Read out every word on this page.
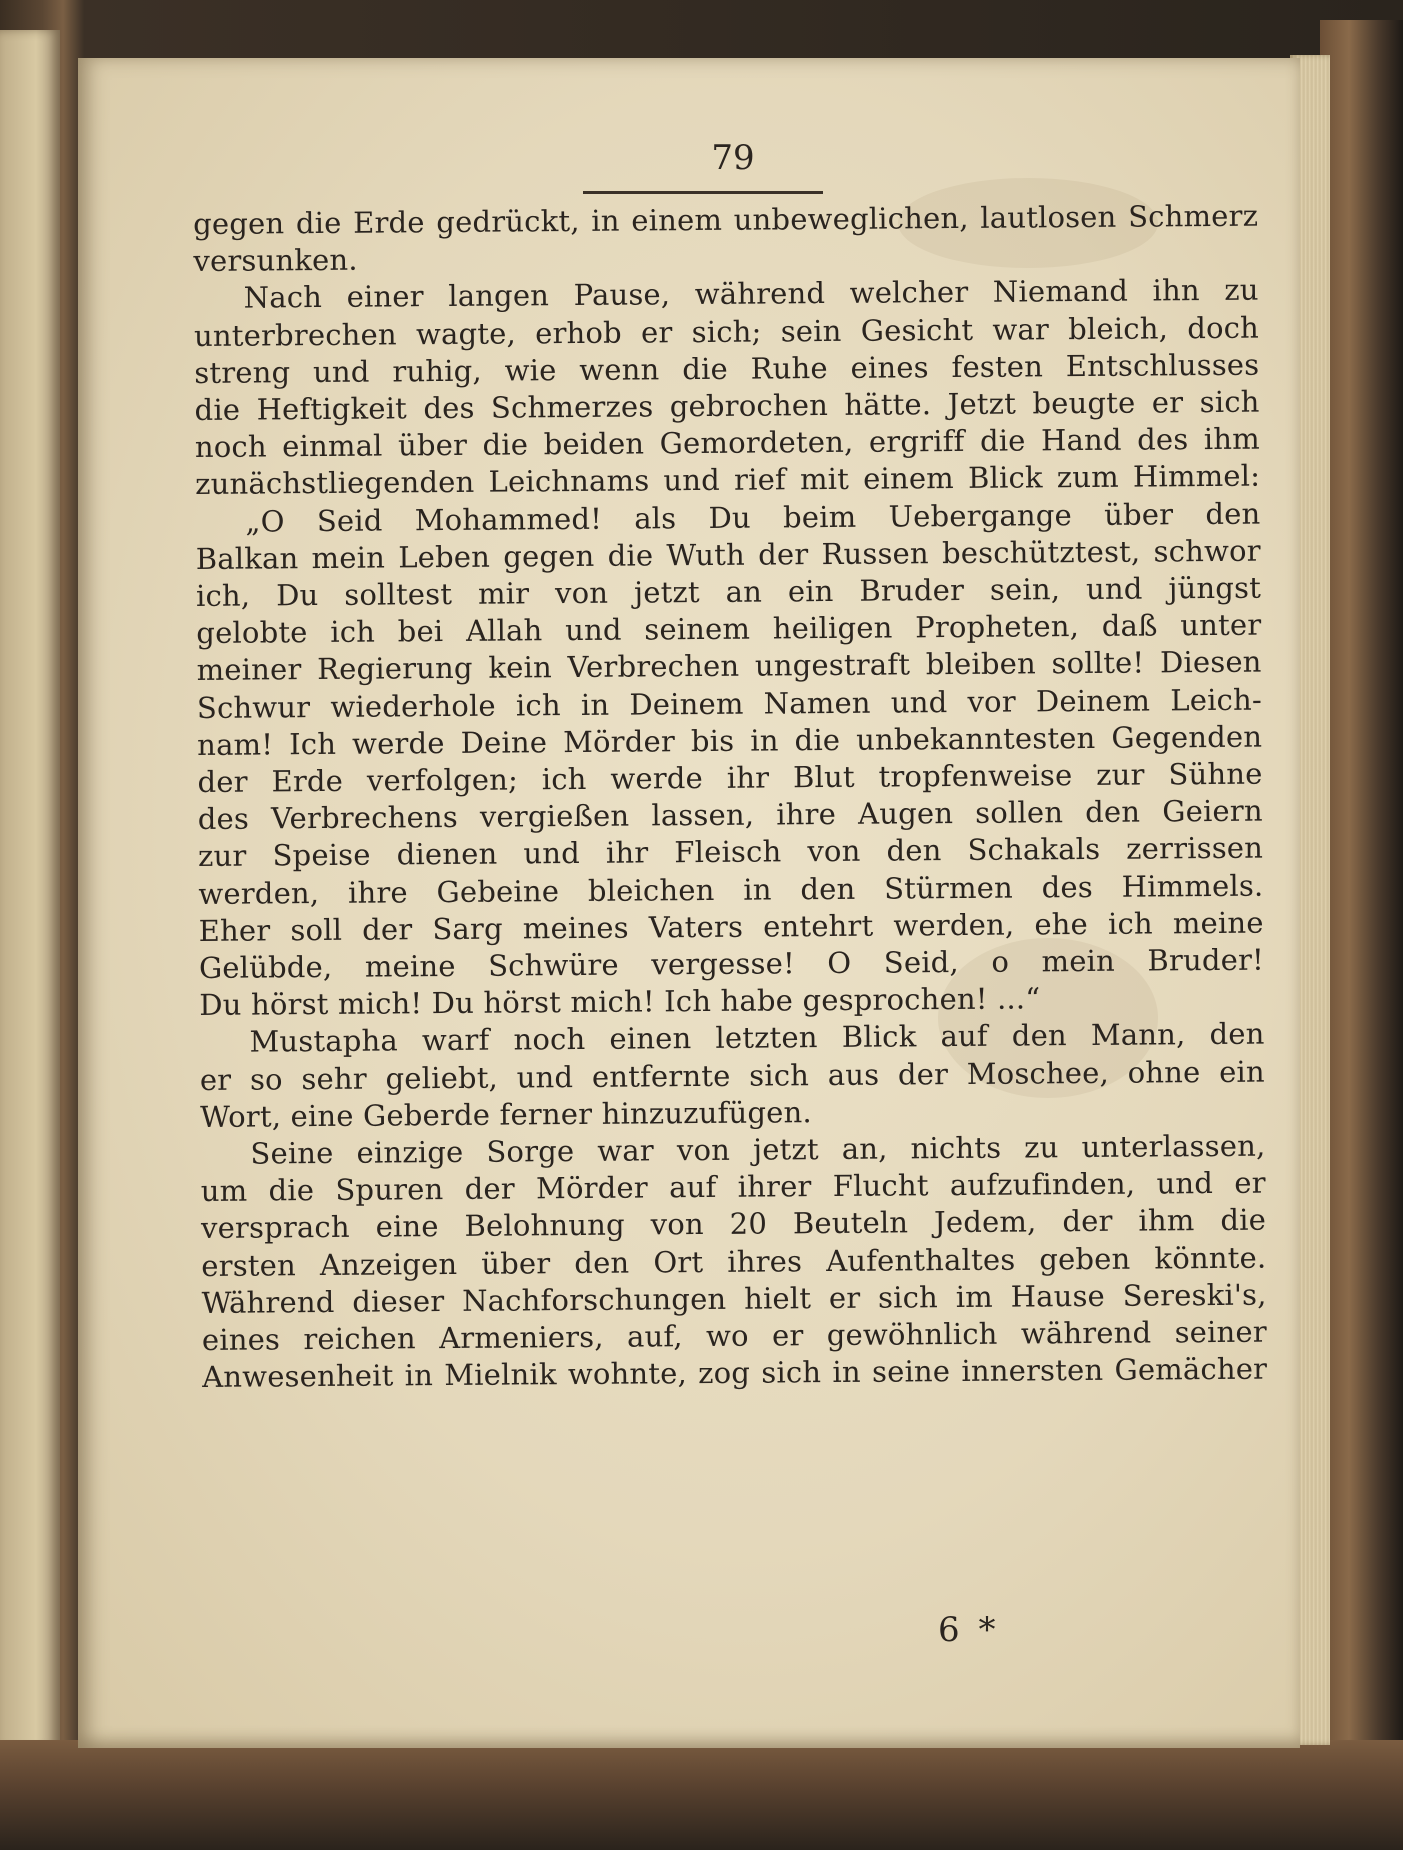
79
gegen die Erde gedrückt, in einem unbeweglichen, lautlosen Schmerz
versunken.
Nach einer langen Pause, während welcher Niemand ihn zu
unterbrechen wagte, erhob er sich; sein Gesicht war bleich, doch
streng und ruhig, wie wenn die Ruhe eines festen Entschlusses
die Heftigkeit des Schmerzes gebrochen hätte. Jetzt beugte er sich
noch einmal über die beiden Gemordeten, ergriff die Hand des ihm
zunächstliegenden Leichnams und rief mit einem Blick zum Himmel:
„O Seid Mohammed! als Du beim Uebergange über den
Balkan mein Leben gegen die Wuth der Russen beschütztest, schwor
ich, Du solltest mir von jetzt an ein Bruder sein, und jüngst
gelobte ich bei Allah und seinem heiligen Propheten, daß unter
meiner Regierung kein Verbrechen ungestraft bleiben sollte! Diesen
Schwur wiederhole ich in Deinem Namen und vor Deinem Leich-
nam! Ich werde Deine Mörder bis in die unbekanntesten Gegenden
der Erde verfolgen; ich werde ihr Blut tropfenweise zur Sühne
des Verbrechens vergießen lassen, ihre Augen sollen den Geiern
zur Speise dienen und ihr Fleisch von den Schakals zerrissen
werden, ihre Gebeine bleichen in den Stürmen des Himmels.
Eher soll der Sarg meines Vaters entehrt werden, ehe ich meine
Gelübde, meine Schwüre vergesse! O Seid, o mein Bruder!
Du hörst mich! Du hörst mich! Ich habe gesprochen! ...“
Mustapha warf noch einen letzten Blick auf den Mann, den
er so sehr geliebt, und entfernte sich aus der Moschee, ohne ein
Wort, eine Geberde ferner hinzuzufügen.
Seine einzige Sorge war von jetzt an, nichts zu unterlassen,
um die Spuren der Mörder auf ihrer Flucht aufzufinden, und er
versprach eine Belohnung von 20 Beuteln Jedem, der ihm die
ersten Anzeigen über den Ort ihres Aufenthaltes geben könnte.
Während dieser Nachforschungen hielt er sich im Hause Sereski's,
eines reichen Armeniers, auf, wo er gewöhnlich während seiner
Anwesenheit in Mielnik wohnte, zog sich in seine innersten Gemächer
6 *
